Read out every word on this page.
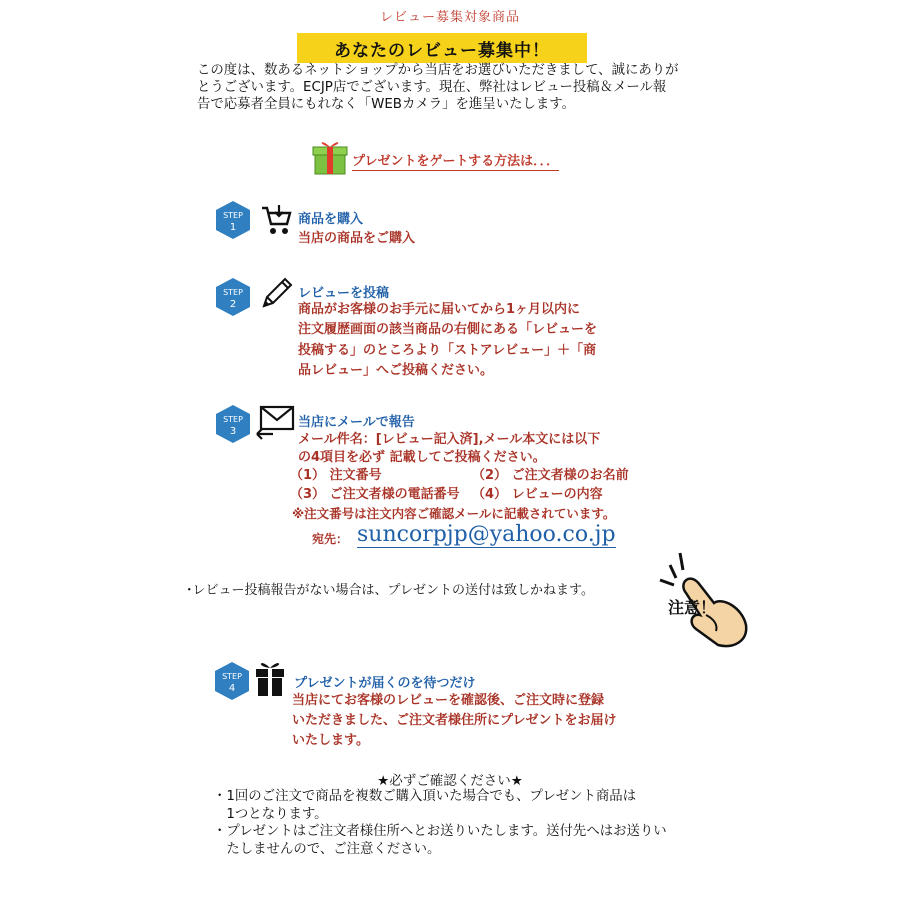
レビュー募集対象商品
あなたのレビュー募集中！
この度は、数あるネットショップから当店をお選びいただきまして、誠にありが
とうございます。ECJP店でございます。現在、弊社はレビュー投稿＆メール報
告で応募者全員にもれなく「WEBカメラ」を進呈いたします。
プレゼントをゲートする方法は．．．
STEP
1
商品を購入
当店の商品をご購入
STEP
2
レビューを投稿
商品がお客様のお手元に届いてから1ヶ月以内に
注文履歴画面の該当商品の右側にある「レビューを
投稿する」のところより「ストアレビュー」＋「商
品レビュー」へご投稿ください。
STEP
3
当店にメールで報告
メール件名：[レビュー記入済],メール本文には以下
の4項目を必ず 記載してご投稿ください。
（1） 注文番号	（2） ご注文者様のお名前
（3） ご注文者様の電話番号 （4） レビューの内容
※注文番号は注文内容ご確認メールに記載されています。
宛先： suncorpjp@yahoo.co.jp
･レビュー投稿報告がない場合は、プレゼントの送付は致しかねます。
注意！
STEP
4	プレゼントが届くのを待つだけ
当店にてお客様のレビューを確認後、ご注文時に登録
いただきました、ご注文者様住所にプレゼントをお届け
いたします。
★必ずご確認ください★
・1回のご注文で商品を複数ご購入頂いた場合でも、プレゼント商品は
　1つとなります。
・プレゼントはご注文者様住所へとお送りいたします。送付先へはお送りい
　たしませんので、ご注意ください。
